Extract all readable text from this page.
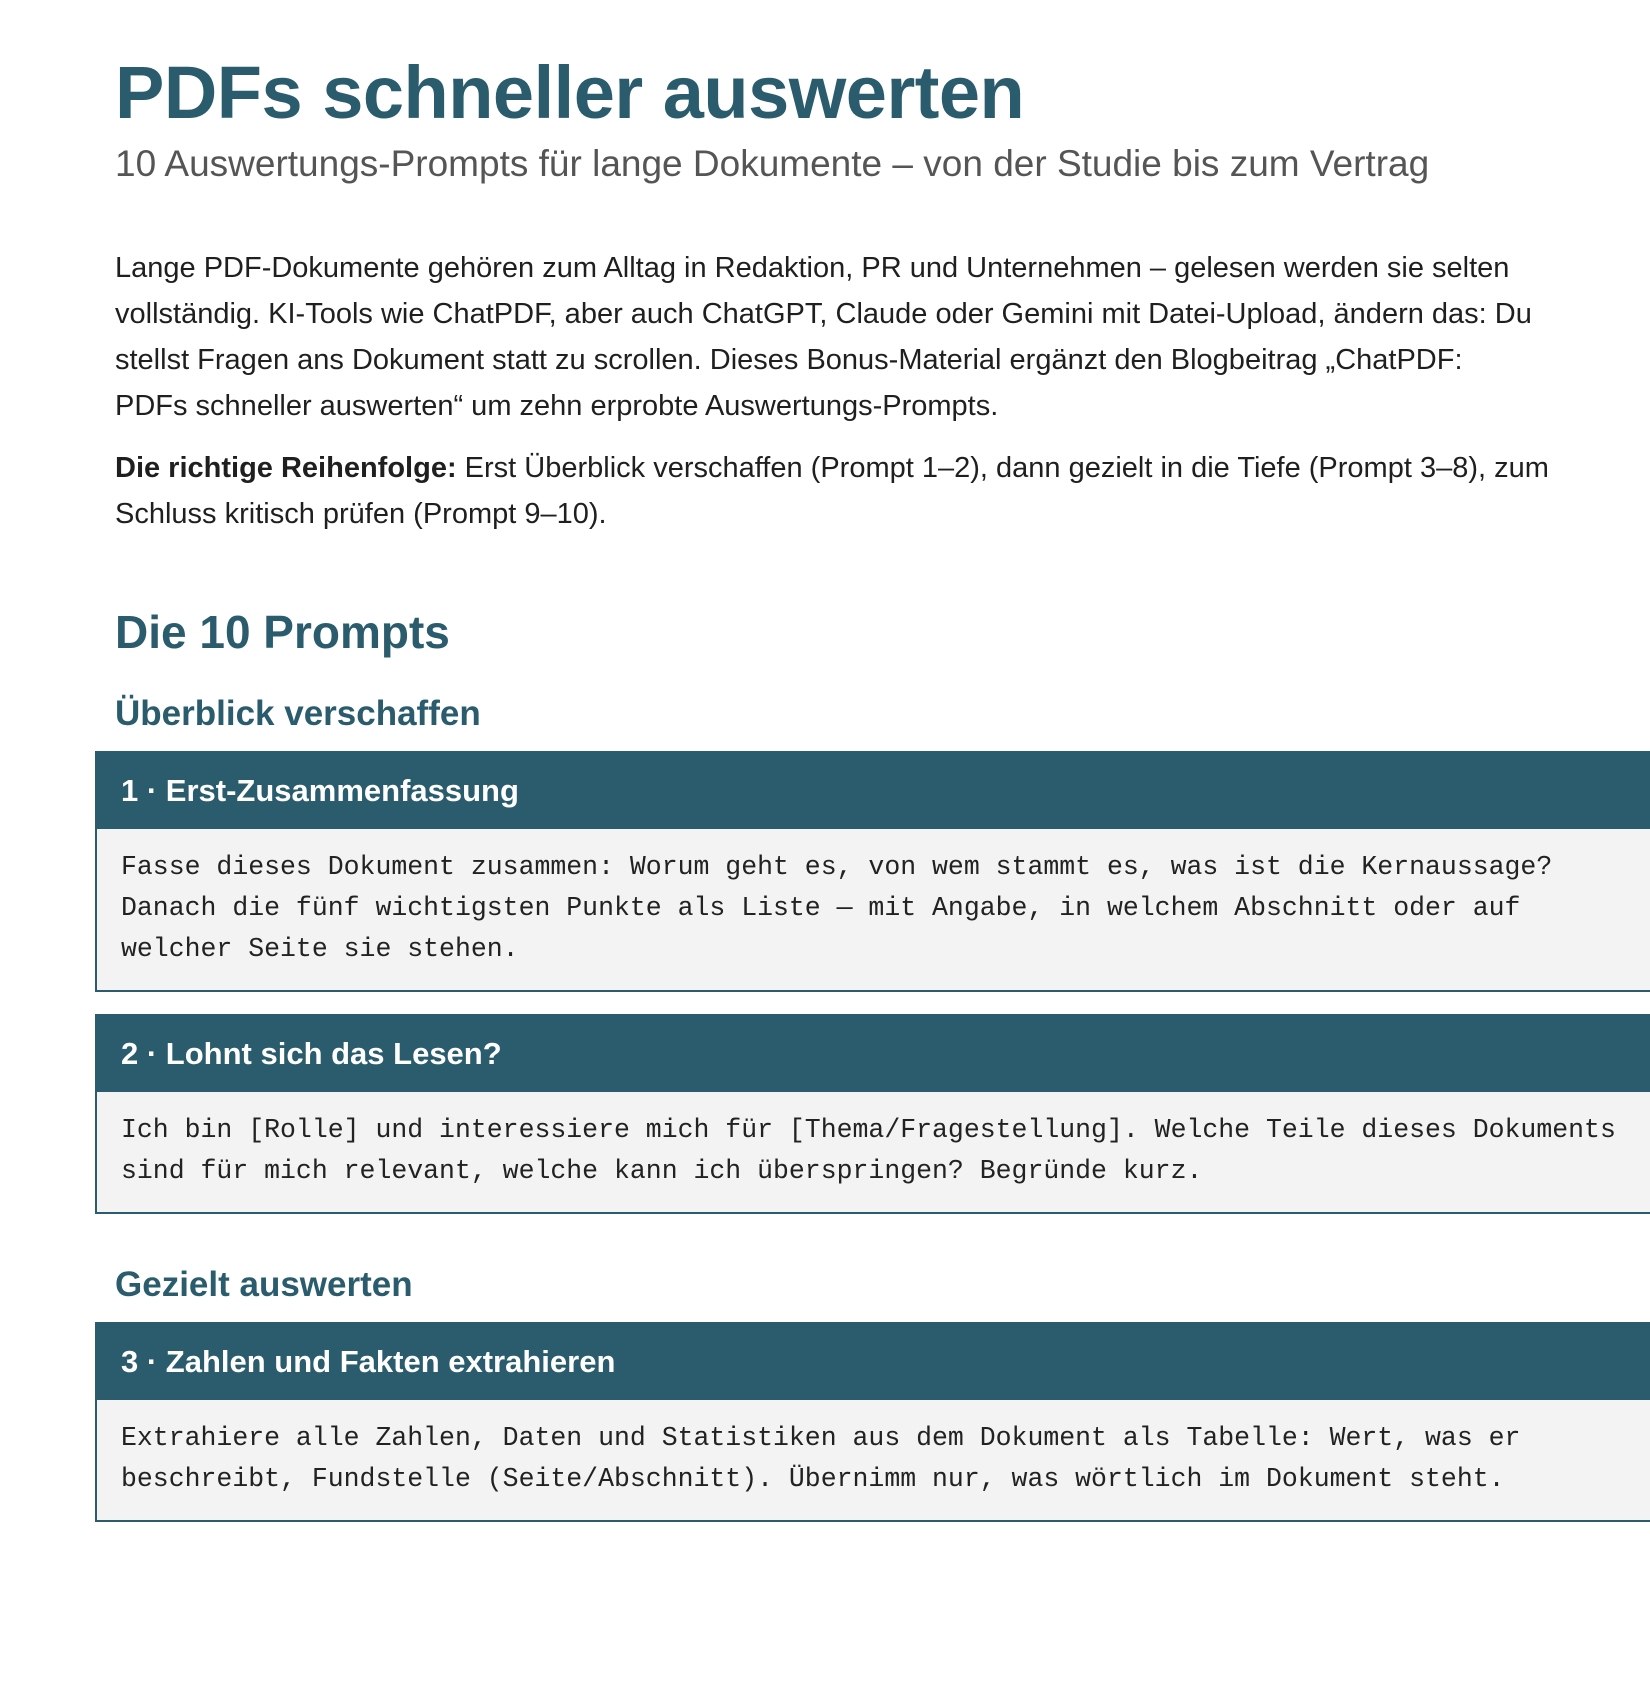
PDFs schneller auswerten

10 Auswertungs-Prompts für lange Dokumente – von der Studie bis zum Vertrag

Lange PDF-Dokumente gehören zum Alltag in Redaktion, PR und Unternehmen – gelesen werden sie selten vollständig. KI-Tools wie ChatPDF, aber auch ChatGPT, Claude oder Gemini mit Datei-Upload, ändern das: Du stellst Fragen ans Dokument statt zu scrollen. Dieses Bonus-Material ergänzt den Blogbeitrag „ChatPDF: PDFs schneller auswerten“ um zehn erprobte Auswertungs-Prompts.

Die richtige Reihenfolge: Erst Überblick verschaffen (Prompt 1–2), dann gezielt in die Tiefe (Prompt 3–8), zum Schluss kritisch prüfen (Prompt 9–10).

Die 10 Prompts
Überblick verschaffen
1 · Erst-Zusammenfassung
Fasse dieses Dokument zusammen: Worum geht es, von wem stammt es, was ist die Kernaussage? Danach die fünf wichtigsten Punkte als Liste — mit Angabe, in welchem Abschnitt oder auf welcher Seite sie stehen.
2 · Lohnt sich das Lesen?
Ich bin [Rolle] und interessiere mich für [Thema/Fragestellung]. Welche Teile dieses Dokuments sind für mich relevant, welche kann ich überspringen? Begründe kurz.
Gezielt auswerten
3 · Zahlen und Fakten extrahieren
Extrahiere alle Zahlen, Daten und Statistiken aus dem Dokument als Tabelle: Wert, was er beschreibt, Fundstelle (Seite/Abschnitt). Übernimm nur, was wörtlich im Dokument steht.
